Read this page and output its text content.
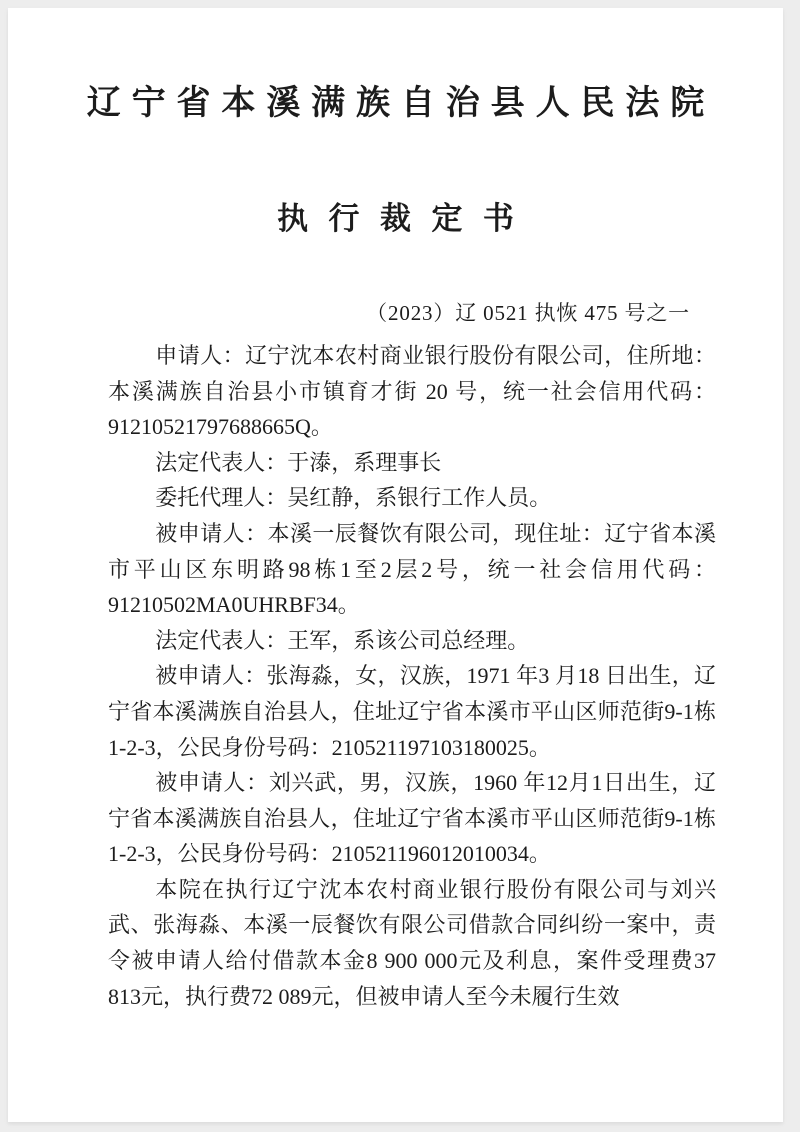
辽宁省本溪满族自治县人民法院
执行裁定书
（2023）辽 0521 执恢 475 号之一

申请人：辽宁沈本农村商业银行股份有限公司，住所地：本溪满族自治县小市镇育才街 20 号，统一社会信用代码：91210521797688665Q。

法定代表人：于溙，系理事长

委托代理人：吴红静，系银行工作人员。

被申请人：本溪一辰餐饮有限公司，现住址：辽宁省本溪市平山区东明路98栋1至2层2号，统一社会信用代码：91210502MA0UHRBF34。

法定代表人：王军，系该公司总经理。

被申请人：张海淼，女，汉族，1971 年3 月18 日出生，辽宁省本溪满族自治县人，住址辽宁省本溪市平山区师范街9-1栋1-2-3，公民身份号码：210521197103180025。

被申请人：刘兴武，男，汉族，1960 年12月1日出生，辽宁省本溪满族自治县人，住址辽宁省本溪市平山区师范街9-1栋1-2-3，公民身份号码：210521196012010034。

本院在执行辽宁沈本农村商业银行股份有限公司与刘兴武、张海淼、本溪一辰餐饮有限公司借款合同纠纷一案中，责令被申请人给付借款本金8 900 000元及利息，案件受理费37 813元，执行费72 089元，但被申请人至今未履行生效
